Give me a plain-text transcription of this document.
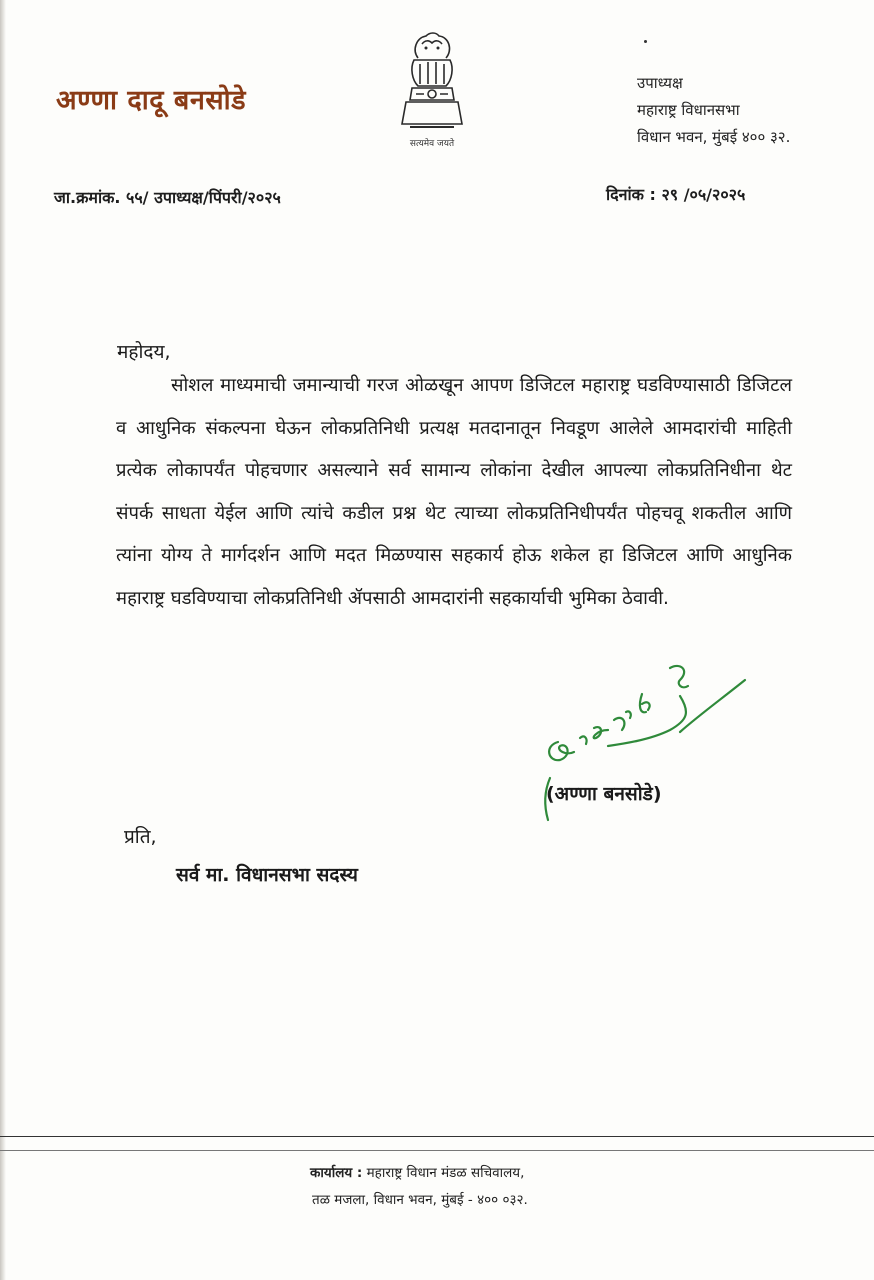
अण्णा दादू बनसोडे
सत्यमेव जयते
उपाध्यक्ष
महाराष्ट्र विधानसभा
विधान भवन, मुंबई ४०० ३२.
जा.क्रमांक. ५५/ उपाध्यक्ष/पिंपरी/२०२५	दिनांक : २९ /०५/२०२५
महोदय,
सोशल माध्यमाची जमान्याची गरज ओळखून आपण डिजिटल महाराष्ट्र घडविण्यासाठी डिजिटल व आधुनिक संकल्पना घेऊन लोकप्रतिनिधी प्रत्यक्ष मतदानातून निवडूण आलेले आमदारांची माहिती प्रत्येक लोकापर्यंत पोहचणार असल्याने सर्व सामान्य लोकांना देखील आपल्या लोकप्रतिनिधीना थेट संपर्क साधता येईल आणि त्यांचे कडील प्रश्न थेट त्याच्या लोकप्रतिनिधीपर्यंत पोहचवू शकतील आणि त्यांना योग्य ते मार्गदर्शन आणि मदत मिळण्यास सहकार्य होऊ शकेल हा डिजिटल आणि आधुनिक महाराष्ट्र घडविण्याचा लोकप्रतिनिधी ॲपसाठी आमदारांनी सहकार्याची भुमिका ठेवावी.
(अण्णा बनसोडे)
प्रति,
सर्व मा. विधानसभा सदस्य
कार्यालय : महाराष्ट्र विधान मंडळ सचिवालय,
तळ मजला, विधान भवन, मुंबई - ४०० ०३२.
